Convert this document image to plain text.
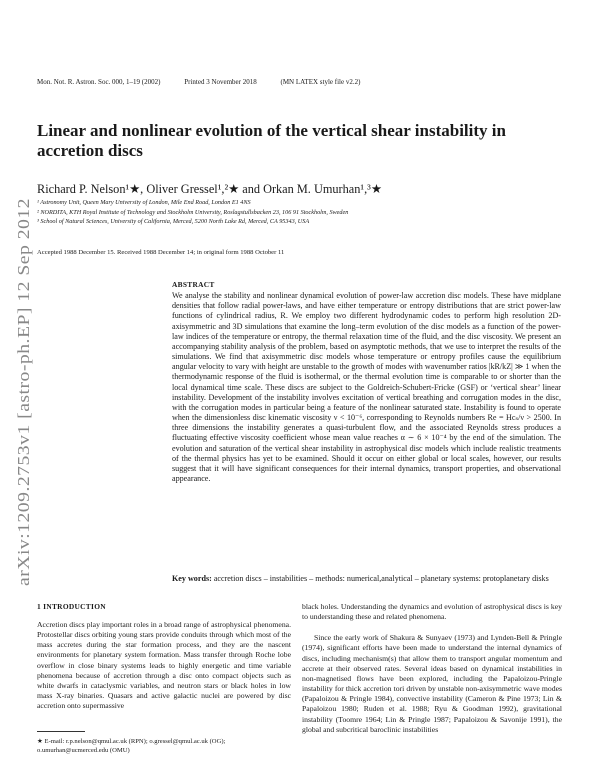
Mon. Not. R. Astron. Soc. 000, 1–19 (2002)	Printed 3 November 2018	(MN LATEX style file v2.2)
arXiv:1209.2753v1 [astro-ph.EP] 12 Sep 2012
Linear and nonlinear evolution of the vertical shear instability in accretion discs
Richard P. Nelson¹★, Oliver Gressel¹,²★ and Orkan M. Umurhan¹,³★
¹ Astronomy Unit, Queen Mary University of London, Mile End Road, London E1 4NS
² NORDITA, KTH Royal Institute of Technology and Stockholm University, Roslagstullsbacken 23, 106 91 Stockholm, Sweden
³ School of Natural Sciences, University of California, Merced, 5200 North Lake Rd, Merced, CA 95343, USA
Accepted 1988 December 15. Received 1988 December 14; in original form 1988 October 11
ABSTRACT
We analyse the stability and nonlinear dynamical evolution of power-law accretion disc models. These have midplane densities that follow radial power-laws, and have either temperature or entropy distributions that are strict power-law functions of cylindrical radius, R. We employ two different hydrodynamic codes to perform high resolution 2D-axisymmetric and 3D simulations that examine the long–term evolution of the disc models as a function of the power-law indices of the temperature or entropy, the thermal relaxation time of the fluid, and the disc viscosity. We present an accompanying stability analysis of the problem, based on asymptotic methods, that we use to interpret the results of the simulations. We find that axisymmetric disc models whose temperature or entropy profiles cause the equilibrium angular velocity to vary with height are unstable to the growth of modes with wavenumber ratios |kR/kZ| ≫ 1 when the thermodynamic response of the fluid is isothermal, or the thermal evolution time is comparable to or shorter than the local dynamical time scale. These discs are subject to the Goldreich-Schubert-Fricke (GSF) or ‘vertical shear’ linear instability. Development of the instability involves excitation of vertical breathing and corrugation modes in the disc, with the corrugation modes in particular being a feature of the nonlinear saturated state. Instability is found to operate when the dimensionless disc kinematic viscosity ν < 10⁻⁶, corresponding to Reynolds numbers Re = Hcₛ/ν > 2500. In three dimensions the instability generates a quasi-turbulent flow, and the associated Reynolds stress produces a fluctuating effective viscosity coefficient whose mean value reaches α ∼ 6 × 10⁻⁴ by the end of the simulation. The evolution and saturation of the vertical shear instability in astrophysical disc models which include realistic treatments of the thermal physics has yet to be examined. Should it occur on either global or local scales, however, our results suggest that it will have significant consequences for their internal dynamics, transport properties, and observational appearance.
Key words: accretion discs – instabilities – methods: numerical,analytical – planetary systems: protoplanetary disks
1 INTRODUCTION
Accretion discs play important roles in a broad range of astrophysical phenomena. Protostellar discs orbiting young stars provide conduits through which most of the mass accretes during the star formation process, and they are the nascent environments for planetary system formation. Mass transfer through Roche lobe overflow in close binary systems leads to highly energetic and time variable phenomena because of accretion through a disc onto compact objects such as white dwarfs in cataclysmic variables, and neutron stars or black holes in low mass X-ray binaries. Quasars and active galactic nuclei are powered by disc accretion onto supermassive

black holes. Understanding the dynamics and evolution of astrophysical discs is key to understanding these and related phenomena.

Since the early work of Shakura & Sunyaev (1973) and Lynden-Bell & Pringle (1974), significant efforts have been made to understand the internal dynamics of discs, including mechanism(s) that allow them to transport angular momentum and accrete at their observed rates. Several ideas based on dynamical instabilities in non-magnetised flows have been explored, including the Papaloizou-Pringle instability for thick accretion tori driven by unstable non-axisymmetric wave modes (Papaloizou & Pringle 1984), convective instability (Cameron & Pine 1973; Lin & Papaloizou 1980; Ruden et al. 1988; Ryu & Goodman 1992), gravitational instability (Toomre 1964; Lin & Pringle 1987; Papaloizou & Savonije 1991), the global and subcritical baroclinic instabilities

★ E-mail: r.p.nelson@qmul.ac.uk (RPN); o.gressel@qmul.ac.uk (OG); o.umurhan@ucmerced.edu (OMU)
